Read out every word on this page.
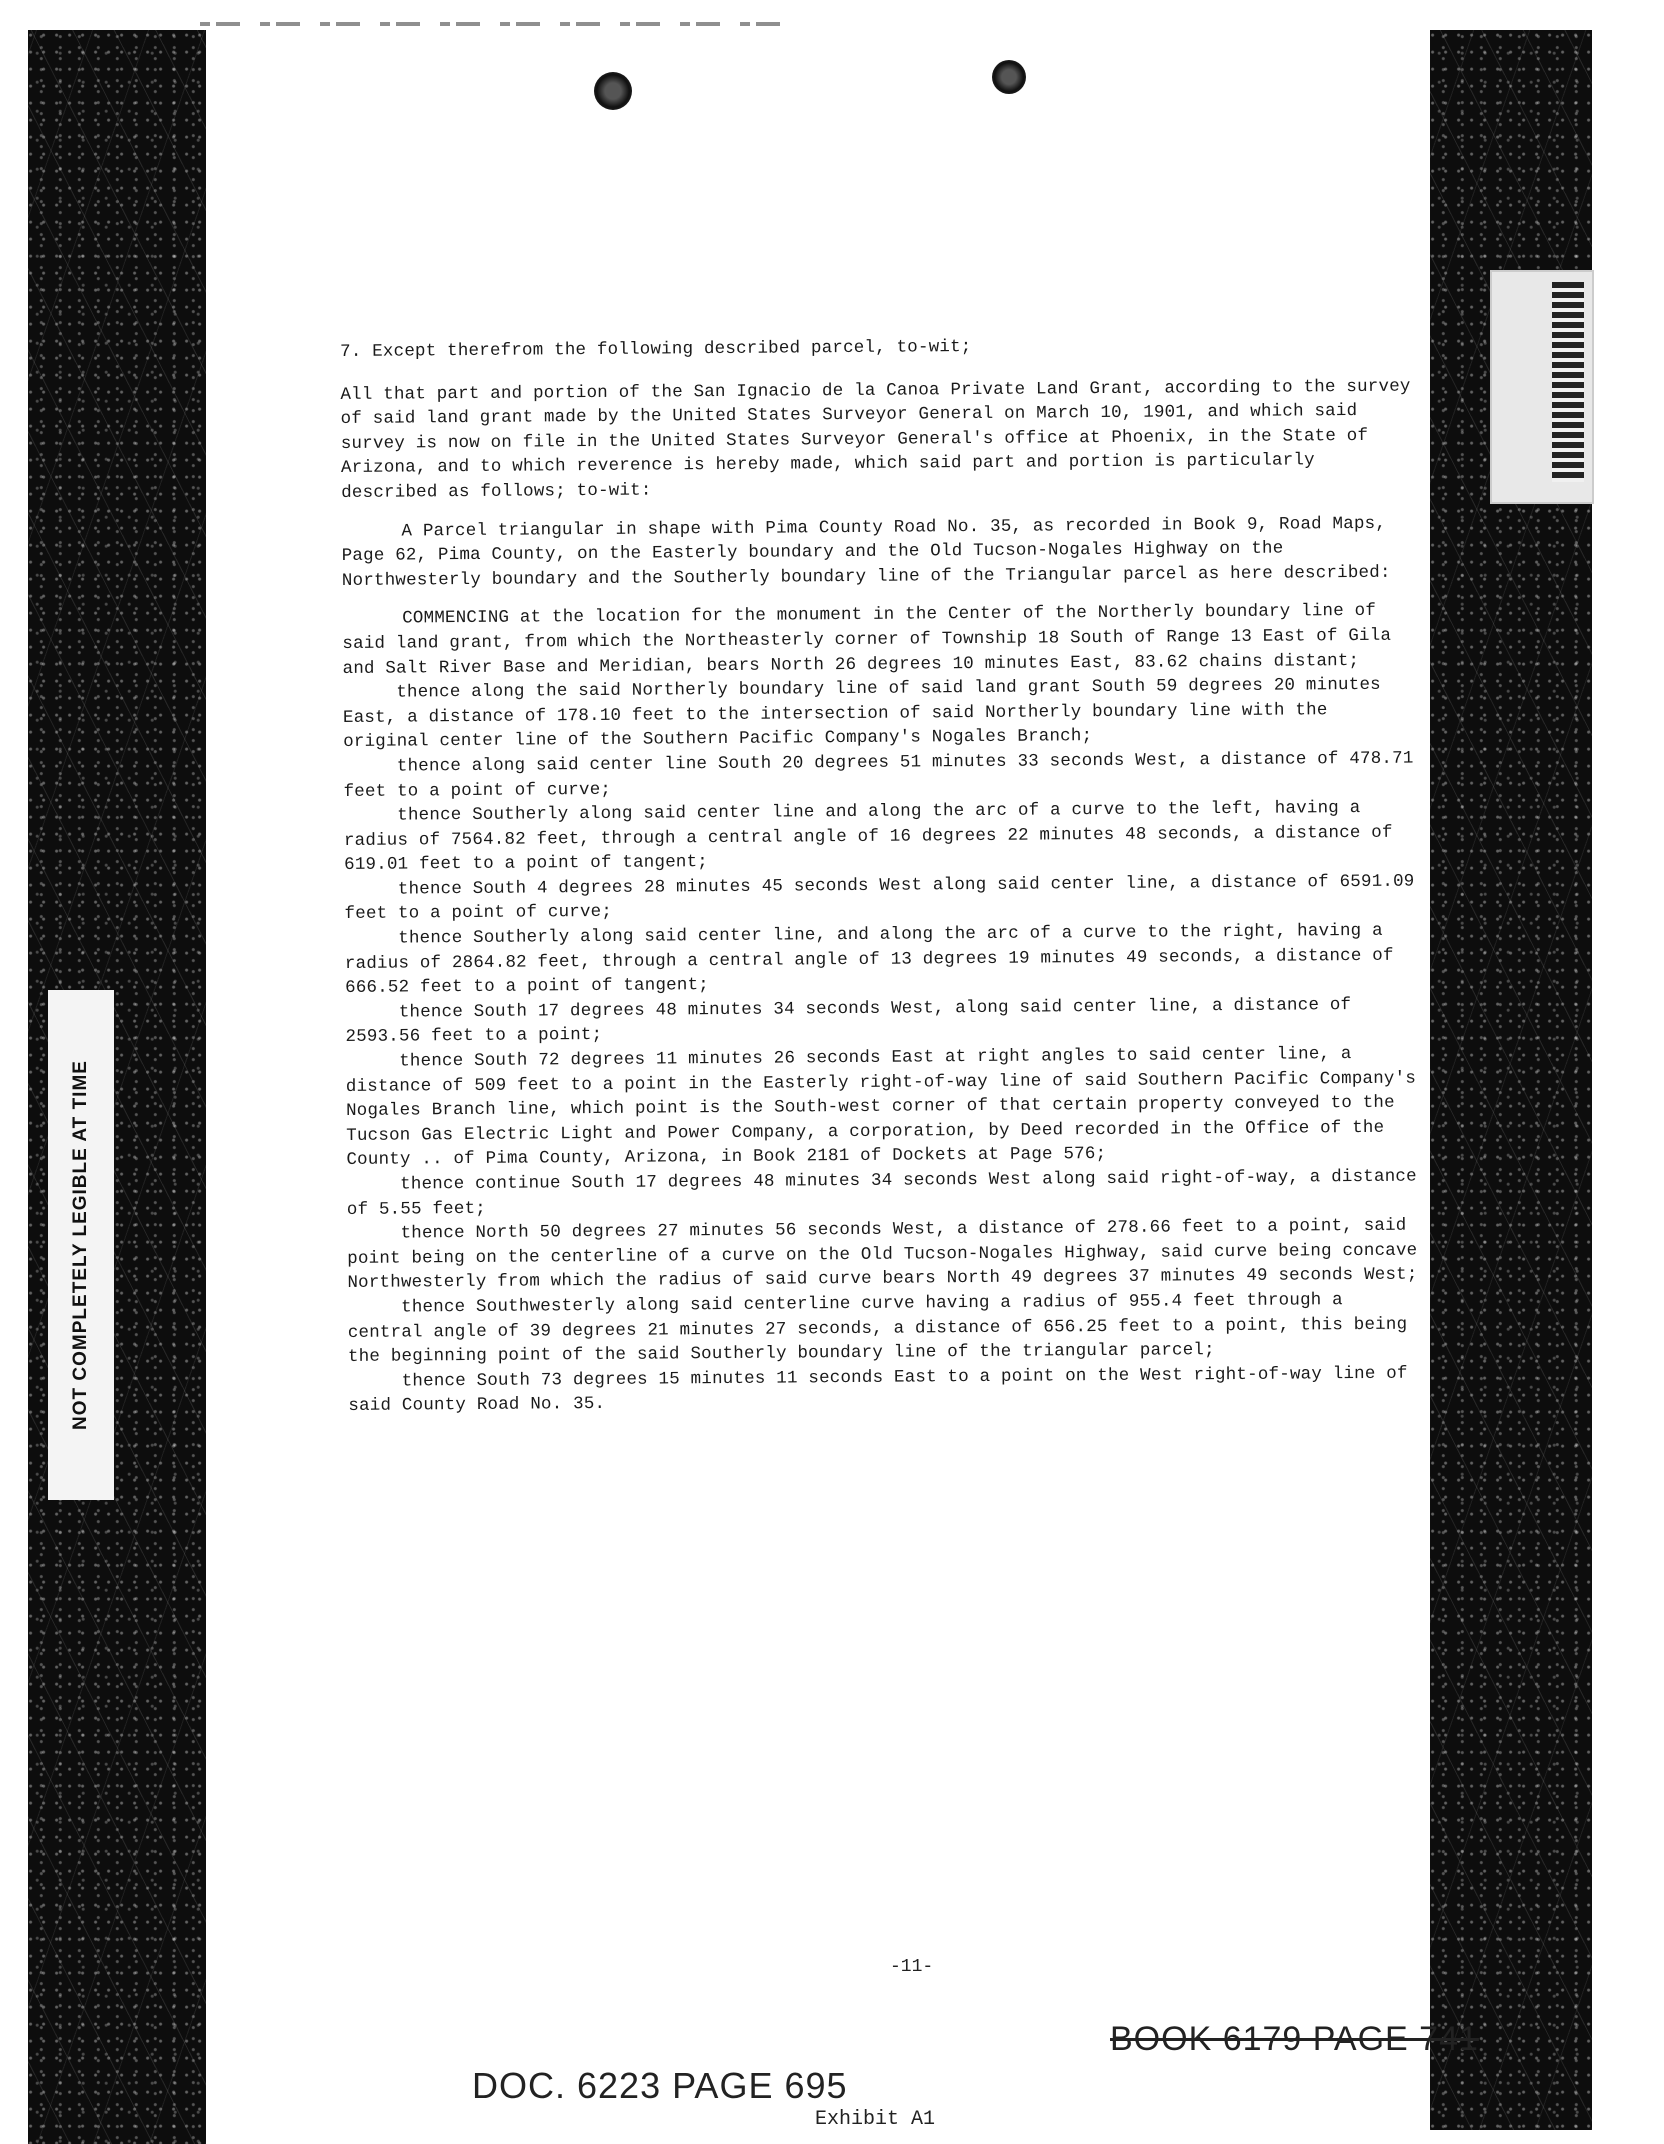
NOT COMPLETELY LEGIBLE AT TIME

7. Except therefrom the following described parcel, to-wit;

All that part and portion of the San Ignacio de la Canoa Private Land Grant, according to the survey of said land grant made by the United States Surveyor General on March 10, 1901, and which said survey is now on file in the United States Surveyor General's office at Phoenix, in the State of Arizona, and to which reverence is hereby made, which said part and portion is particularly described as follows; to-wit:

A Parcel triangular in shape with Pima County Road No. 35, as recorded in Book 9, Road Maps, Page 62, Pima County, on the Easterly boundary and the Old Tucson-Nogales Highway on the Northwesterly boundary and the Southerly boundary line of the Triangular parcel as here described:

COMMENCING at the location for the monument in the Center of the Northerly boundary line of said land grant, from which the Northeasterly corner of Township 18 South of Range 13 East of Gila and Salt River Base and Meridian, bears North 26 degrees 10 minutes East, 83.62 chains distant;
thence along the said Northerly boundary line of said land grant South 59 degrees 20 minutes East, a distance of 178.10 feet to the intersection of said Northerly boundary line with the original center line of the Southern Pacific Company's Nogales Branch;
thence along said center line South 20 degrees 51 minutes 33 seconds West, a distance of 478.71 feet to a point of curve;
thence Southerly along said center line and along the arc of a curve to the left, having a radius of 7564.82 feet, through a central angle of 16 degrees 22 minutes 48 seconds, a distance of 619.01 feet to a point of tangent;
thence South 4 degrees 28 minutes 45 seconds West along said center line, a distance of 6591.09 feet to a point of curve;
thence Southerly along said center line, and along the arc of a curve to the right, having a radius of 2864.82 feet, through a central angle of 13 degrees 19 minutes 49 seconds, a distance of 666.52 feet to a point of tangent;
thence South 17 degrees 48 minutes 34 seconds West, along said center line, a distance of 2593.56 feet to a point;
thence South 72 degrees 11 minutes 26 seconds East at right angles to said center line, a distance of 509 feet to a point in the Easterly right-of-way line of said Southern Pacific Company's Nogales Branch line, which point is the South-west corner of that certain property conveyed to the Tucson Gas Electric Light and Power Company, a corporation, by Deed recorded in the Office of the County .. of Pima County, Arizona, in Book 2181 of Dockets at Page 576;
thence continue South 17 degrees 48 minutes 34 seconds West along said right-of-way, a distance of 5.55 feet;
thence North 50 degrees 27 minutes 56 seconds West, a distance of 278.66 feet to a point, said point being on the centerline of a curve on the Old Tucson-Nogales Highway, said curve being concave Northwesterly from which the radius of said curve bears North 49 degrees 37 minutes 49 seconds West;
thence Southwesterly along said centerline curve having a radius of 955.4 feet through a central angle of 39 degrees 21 minutes 27 seconds, a distance of 656.25 feet to a point, this being the beginning point of the said Southerly boundary line of the triangular parcel;
thence South 73 degrees 15 minutes 11 seconds East to a point on the West right-of-way line of said County Road No. 35.

-11-
BOOK 6179 PAGE 741
DOC. 6223 PAGE 695
Exhibit A1
